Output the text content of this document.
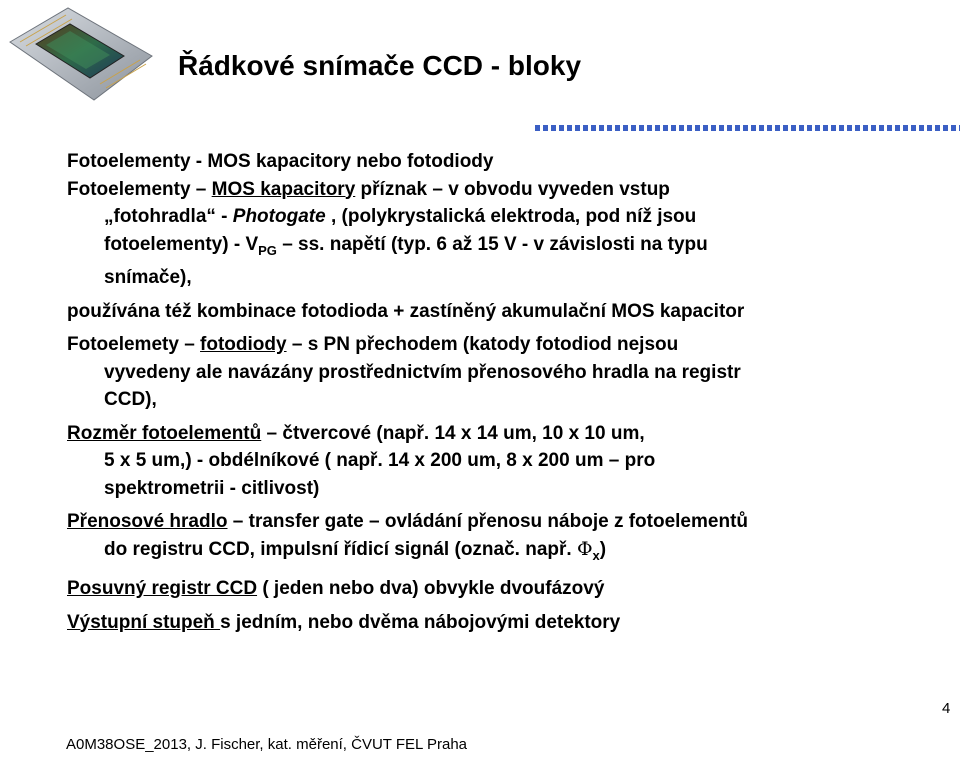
Řádkové snímače CCD - bloky

Fotoelementy - MOS kapacitory nebo fotodiody

Fotoelementy – MOS kapacitory příznak – v obvodu vyveden vstup
„fotohradla“ - Photogate , (polykrystalická elektroda, pod níž jsou
fotoelementy) - $V_{PG}$ – ss. napětí (typ. 6 až 15 V - v závislosti na typu
snímače),

používána též kombinace fotodioda + zastíněný akumulační MOS kapacitor

Fotoelemety – fotodiody – s PN přechodem (katody fotodiod nejsou
vyvedeny ale navázány prostřednictvím přenosového hradla na registr
CCD),

Rozměr fotoelementů – čtvercové (např. 14 x 14 um, 10 x 10 um,
5 x 5 um,) - obdélníkové ( např. 14 x 200 um, 8 x 200 um – pro
spektrometrii - citlivost)

Přenosové hradlo – transfer gate – ovládání přenosu náboje z fotoelementů
do registru CCD, impulsní řídicí signál (označ. např. $\Phi_x$)

Posuvný registr CCD ( jeden nebo dva) obvykle dvoufázový

Výstupní stupeň s jedním, nebo dvěma nábojovými detektory

4
A0M38OSE_2013, J. Fischer, kat. měření, ČVUT FEL Praha
